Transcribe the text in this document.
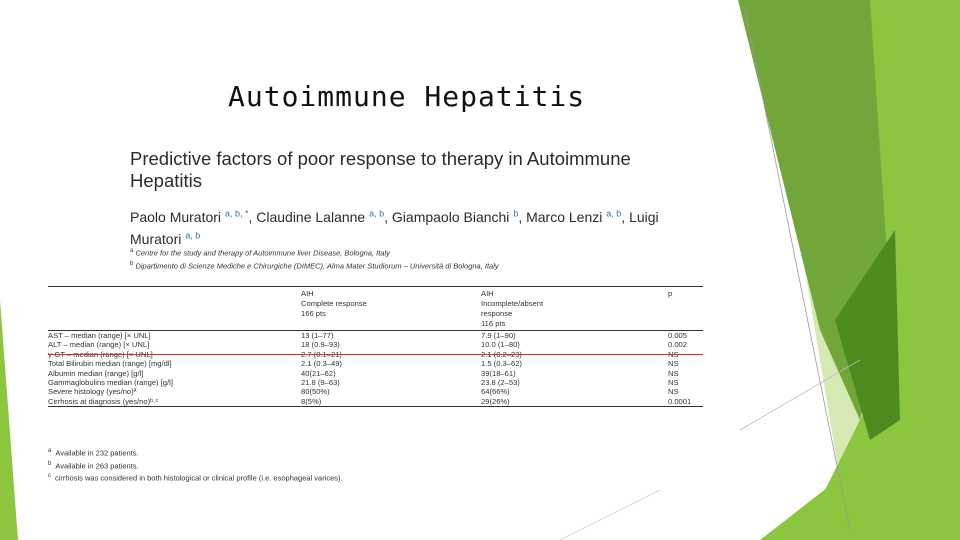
Autoimmune Hepatitis
Predictive factors of poor response to therapy in Autoimmune Hepatitis
Paolo Muratori $^{a, b, *}$, Claudine Lalanne $^{a, b}$, Giampaolo Bianchi $^b$, Marco Lenzi $^{a, b}$, Luigi Muratori $^{a, b}$
$^a$ Centre for the study and therapy of Autoimmune liver Disease, Bologna, Italy
$^b$ Dipartimento di Scienze Mediche e Chirurgiche (DIMEC), Alma Mater Studiorum – Università di Bologna, Italy
	AIH
Complete response
166 pts	AIH
Incomplete/absent
response
116 pts	p
AST – median (range) [× UNL]	13 (1–77)	7.9 (1–90)	0.005
ALT – median (range) [× UNL]	18 (0.9–93)	10.0 (1–80)	0.002
γ-GT – median (range) [× UNL]	2.7 (0.1–21)	2.1 (0.2–23)	NS
Total Bilirubin median (range) [mg/dl]	2.1 (0.3–49)	1.5 (0.3–62)	NS
Albumin median (range) [g/l]	40(21–62)	39(18–61)	NS
Gammaglobulins median (range) [g/l]	21.8 (9–63)	23.8 (2–53)	NS
Severe histology (yes/no)ª	80(50%)	64(66%)	NS
Cirrhosis at diagnosis (yes/no)ᵇ·ᶜ	8(5%)	29(26%)	0.0001
$^a$ Available in 232 patients.
$^b$ Available in 263 patients.
$^c$ cirrhosis was considered in both histological or clinical profile (i.e. esophageal varices).
